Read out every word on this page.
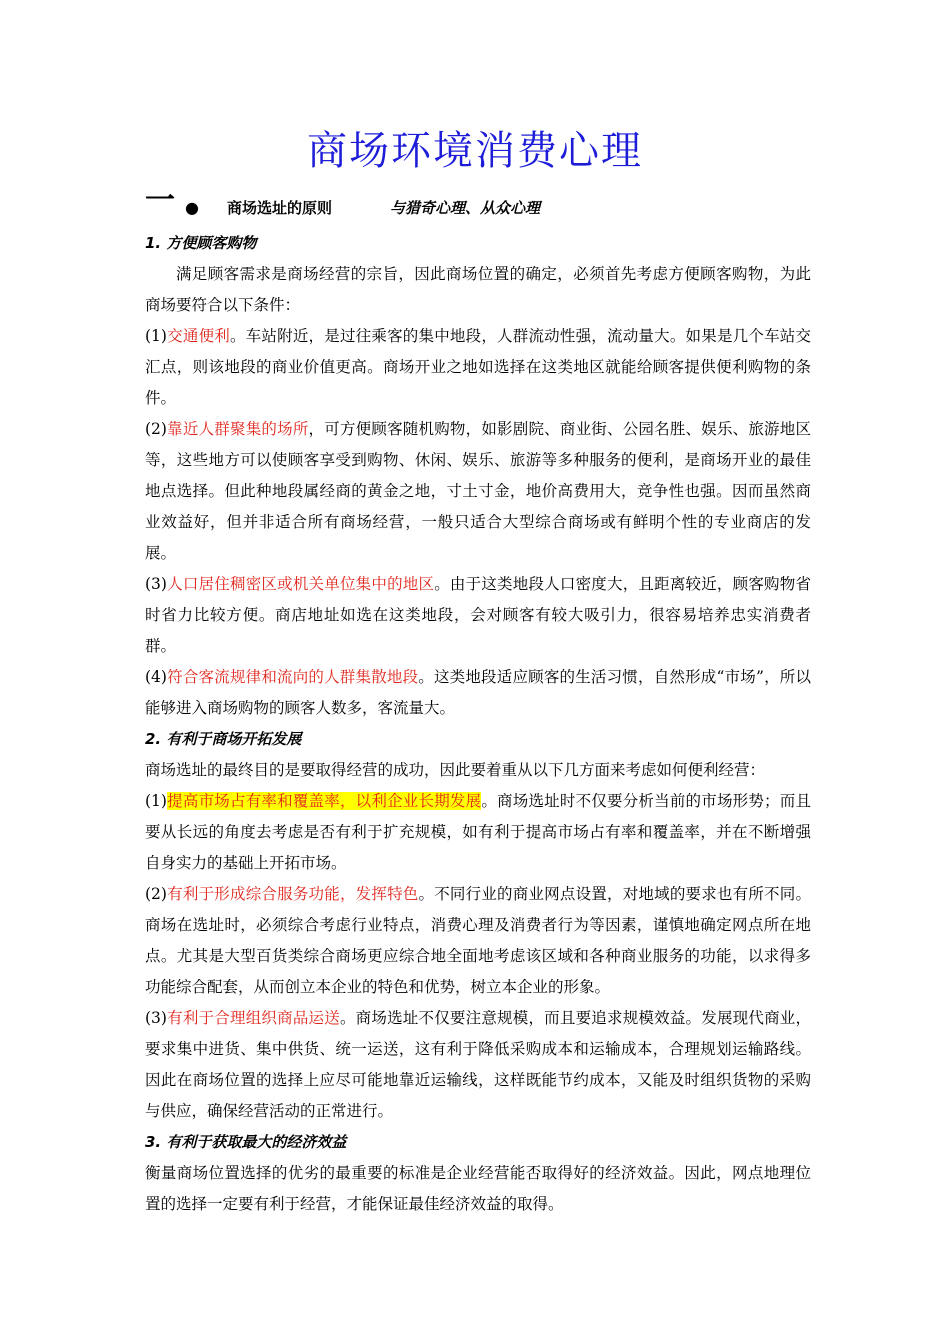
商场环境消费心理
一 ● 商场选址的原则	与猎奇心理、从众心理

1. 方便顾客购物

满足顾客需求是商场经营的宗旨，因此商场位置的确定，必须首先考虑方便顾客购物，为此商场要符合以下条件：

(1)交通便利。车站附近，是过往乘客的集中地段，人群流动性强，流动量大。如果是几个车站交汇点，则该地段的商业价值更高。商场开业之地如选择在这类地区就能给顾客提供便利购物的条件。

(2)靠近人群聚集的场所，可方便顾客随机购物，如影剧院、商业街、公园名胜、娱乐、旅游地区等，这些地方可以使顾客享受到购物、休闲、娱乐、旅游等多种服务的便利，是商场开业的最佳地点选择。但此种地段属经商的黄金之地，寸土寸金，地价高费用大，竞争性也强。因而虽然商业效益好，但并非适合所有商场经营，一般只适合大型综合商场或有鲜明个性的专业商店的发展。

(3)人口居住稠密区或机关单位集中的地区。由于这类地段人口密度大，且距离较近，顾客购物省时省力比较方便。商店地址如选在这类地段，会对顾客有较大吸引力，很容易培养忠实消费者群。

(4)符合客流规律和流向的人群集散地段。这类地段适应顾客的生活习惯，自然形成“市场”，所以能够进入商场购物的顾客人数多，客流量大。

2. 有利于商场开拓发展

商场选址的最终目的是要取得经营的成功，因此要着重从以下几方面来考虑如何便利经营：

(1)提高市场占有率和覆盖率，以利企业长期发展。商场选址时不仅要分析当前的市场形势；而且要从长远的角度去考虑是否有利于扩充规模，如有利于提高市场占有率和覆盖率，并在不断增强自身实力的基础上开拓市场。

(2)有利于形成综合服务功能，发挥特色。不同行业的商业网点设置，对地域的要求也有所不同。商场在选址时，必须综合考虑行业特点，消费心理及消费者行为等因素，谨慎地确定网点所在地点。尤其是大型百货类综合商场更应综合地全面地考虑该区域和各种商业服务的功能，以求得多功能综合配套，从而创立本企业的特色和优势，树立本企业的形象。

(3)有利于合理组织商品运送。商场选址不仅要注意规模，而且要追求规模效益。发展现代商业，要求集中进货、集中供货、统一运送，这有利于降低采购成本和运输成本，合理规划运输路线。因此在商场位置的选择上应尽可能地靠近运输线，这样既能节约成本，又能及时组织货物的采购与供应，确保经营活动的正常进行。

3. 有利于获取最大的经济效益

衡量商场位置选择的优劣的最重要的标准是企业经营能否取得好的经济效益。因此，网点地理位置的选择一定要有利于经营，才能保证最佳经济效益的取得。
